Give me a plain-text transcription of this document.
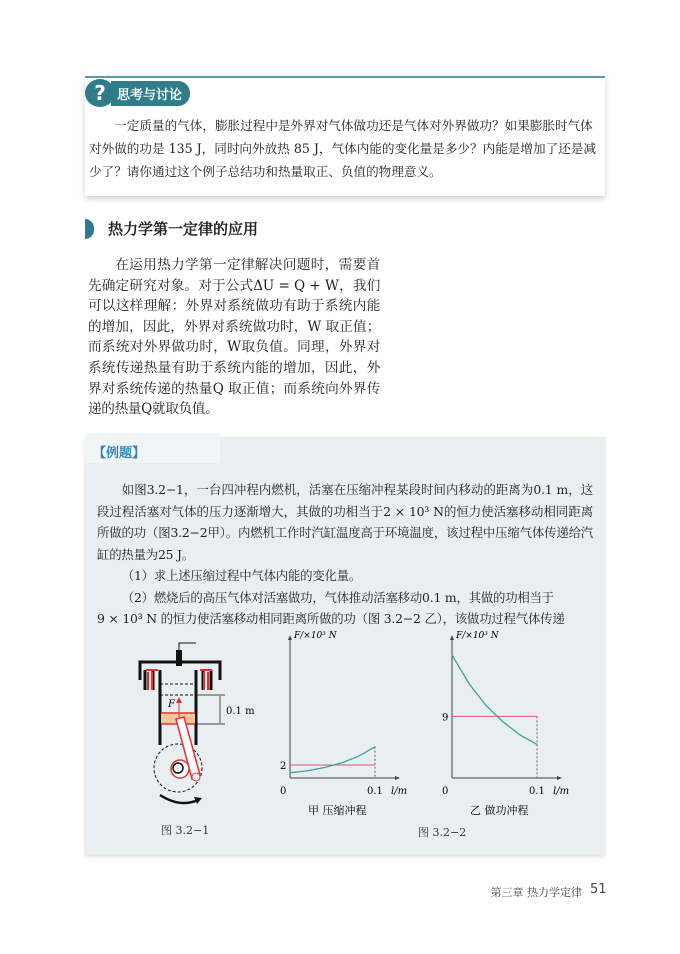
? 思考与讨论

一定质量的气体，膨胀过程中是外界对气体做功还是气体对外界做功？如果膨胀时气体对外做的功是 135 J，同时向外放热 85 J，气体内能的变化量是多少？内能是增加了还是减少了？请你通过这个例子总结功和热量取正、负值的物理意义。

热力学第一定律的应用

在运用热力学第一定律解决问题时，需要首先确定研究对象。对于公式ΔU = Q + W，我们可以这样理解：外界对系统做功有助于系统内能的增加，因此，外界对系统做功时，W 取正值；而系统对外界做功时，W取负值。同理，外界对系统传递热量有助于系统内能的增加，因此，外界对系统传递的热量Q 取正值；而系统向外界传递的热量Q就取负值。

【例题】
如图3.2−1，一台四冲程内燃机，活塞在压缩冲程某段时间内移动的距离为0.1 m，这段过程活塞对气体的压力逐渐增大，其做的功相当于2 × 10³ N的恒力使活塞移动相同距离所做的功（图3.2−2甲）。内燃机工作时汽缸温度高于环境温度，该过程中压缩气体传递给汽缸的热量为25 J。
（1）求上述压缩过程中气体内能的变化量。
（2）燃烧后的高压气体对活塞做功，气体推动活塞移动0.1 m，其做的功相当于
9 × 10³ N 的恒力使活塞移动相同距离所做的功（图 3.2−2 乙），该做功过程气体传递
F
0.1 m
图 3.2−1
F/×10³ N
l/m
0	0.1
2
甲 压缩冲程
F/×10³ N
l/m
0	0.1
9
乙 做功冲程
图 3.2−2
第三章 热力学定律 51
